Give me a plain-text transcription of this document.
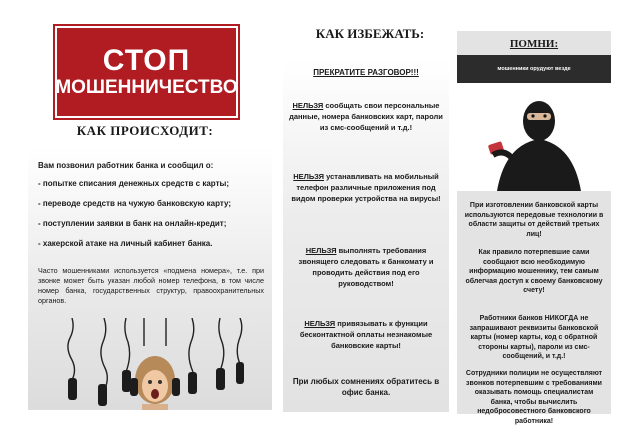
СТОП
МОШЕННИЧЕСТВО
КАК ПРОИСХОДИТ:
Вам позвонил работник банка и сообщил о:
- попытке списания денежных средств с карты;
- переводе средств на чужую банковскую карту;
- поступлении заявки в банк на онлайн-кредит;
- хакерской атаке на личный кабинет банка.
Часто мошенниками используется «подмена номера», т.е. при звонке может быть указан любой номер телефона, в том числе номер банка, государственных структур, правоохранительных органов.
КАК ИЗБЕЖАТЬ:
ПРЕКРАТИТЕ РАЗГОВОР!!!
НЕЛЬЗЯ сообщать свои персональные данные, номера банковских карт, пароли из смс-сообщений и т.д.!
НЕЛЬЗЯ устанавливать на мобильный телефон различные приложения под видом проверки устройства на вирусы!
НЕЛЬЗЯ выполнять требования звонящего следовать к банкомату и проводить действия под его руководством!
НЕЛЬЗЯ привязывать к функции бесконтактной оплаты незнакомые банковские карты!
При любых сомнениях обратитесь в офис банка.
ПОМНИ:
мошенники орудуют везде
При изготовлении банковской карты используются передовые технологии в области защиты от действий третьих лиц!
Как правило потерпевшие сами сообщают всю необходимую информацию мошеннику, тем самым облегчая доступ к своему банковскому счету!
Работники банков НИКОГДА не запрашивают реквизиты банковской карты (номер карты, код с обратной стороны карты), пароли из смс-сообщений, и т.д.!
Сотрудники полиции не осуществляют звонков потерпевшим с требованиями оказывать помощь специалистам банка, чтобы вычислить недобросовестного банковского работника!
